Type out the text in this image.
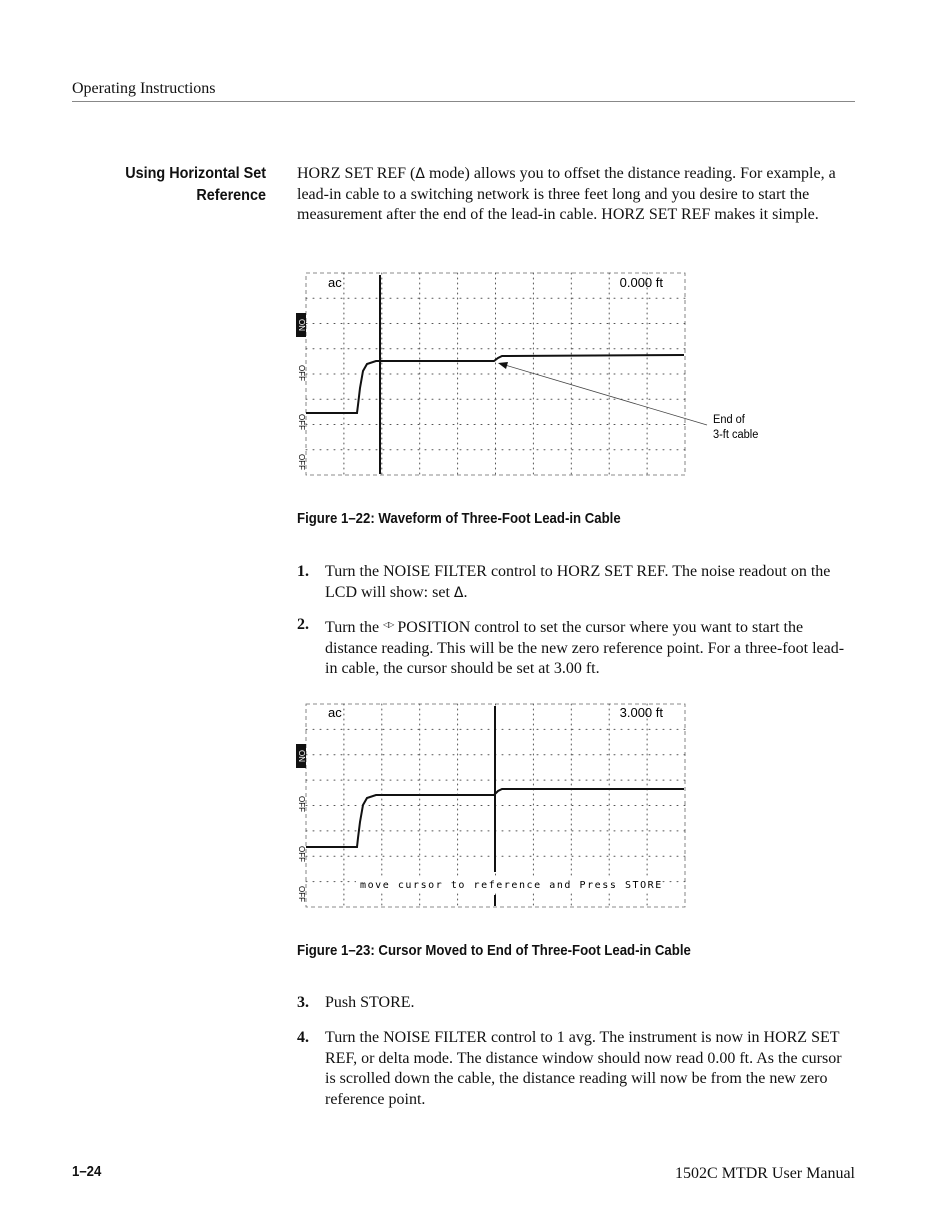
Operating Instructions
Using Horizontal Set
Reference
HORZ SET REF (Δ mode) allows you to offset the distance reading. For example, a lead-in cable to a switching network is three feet long and you desire to start the measurement after the end of the lead-in cable. HORZ SET REF makes it simple.
ac	0.000 ft
End of
3-ft cable
ON
OFF
OFF
OFF
Figure 1–22: Waveform of Three-Foot Lead-in Cable
1. Turn the NOISE FILTER control to HORZ SET REF. The noise readout on the LCD will show: set Δ.
2. Turn the ◁▷ POSITION control to set the cursor where you want to start the distance reading. This will be the new zero reference point. For a three-foot lead-in cable, the cursor should be set at 3.00 ft.
ac	3.000 ft
move cursor to reference and Press STORE
ON
OFF
OFF
OFF
Figure 1–23: Cursor Moved to End of Three-Foot Lead-in Cable
3. Push STORE.
4. Turn the NOISE FILTER control to 1 avg. The instrument is now in HORZ SET REF, or delta mode. The distance window should now read 0.00 ft. As the cursor is scrolled down the cable, the distance reading will now be from the new zero reference point.
1–24	1502C MTDR User Manual
